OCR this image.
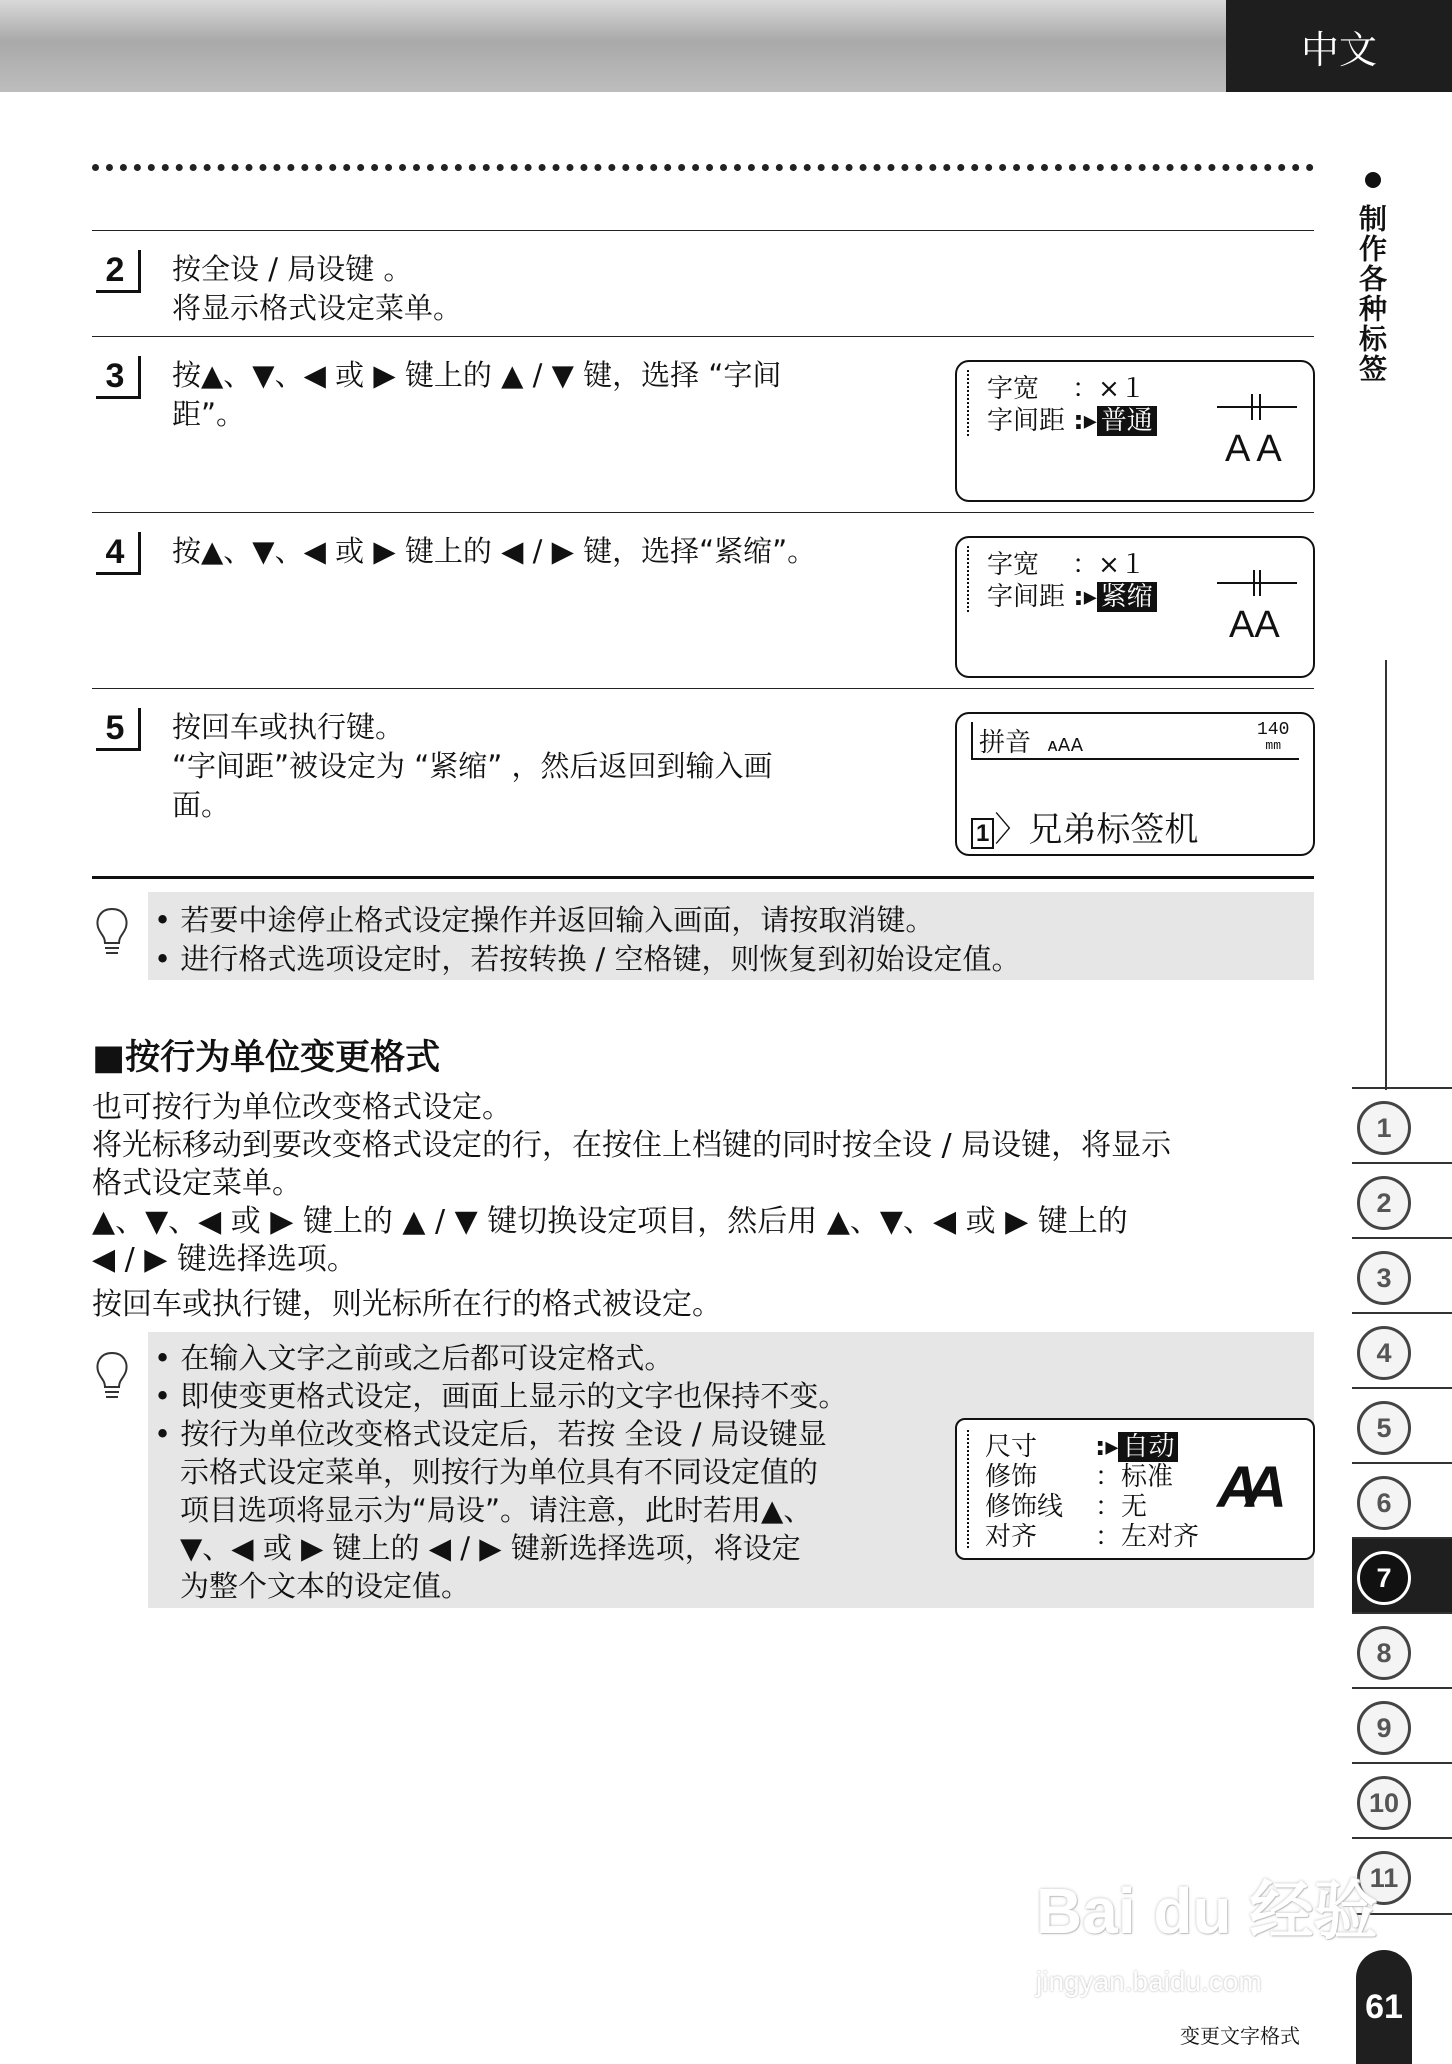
中文
制作各种标签
1
2
3
4
5
6
7
8
9
10
11
2	按全设 / 局设键 。
将显示格式设定菜单。
3	按▲、▼、◀ 或 ▶ 键上的 ▲ / ▼ 键，选择 “字间
距”。
字宽 ：×１
字间距 :▸ 普通
AA
4	按▲、▼、◀ 或 ▶ 键上的 ◀ / ▶ 键，选择“紧缩”。	字宽 ：×１
字间距 :▸ 紧缩
AA
5	按回车或执行键。
“字间距”被设定为 “紧缩” ，然后返回到输入画
面。
拼音 ᴀAA
140
mm
1 〉兄弟标签机
• 若要中途停止格式设定操作并返回输入画面，请按取消键。
• 进行格式选项设定时，若按转换 / 空格键，则恢复到初始设定值。
■按行为单位变更格式
也可按行为单位改变格式设定。
将光标移动到要改变格式设定的行，在按住上档键的同时按全设 / 局设键，将显示
格式设定菜单。
▲、▼、◀ 或 ▶ 键上的 ▲ / ▼ 键切换设定项目，然后用 ▲、▼、◀ 或 ▶ 键上的
◀ / ▶ 键选择选项。
按回车或执行键，则光标所在行的格式被设定。
• 在输入文字之前或之后都可设定格式。
• 即使变更格式设定，画面上显示的文字也保持不变。
• 按行为单位改变格式设定后，若按 全设 / 局设键显
示格式设定菜单，则按行为单位具有不同设定值的
项目选项将显示为“局设”。请注意，此时若用▲、
▼、◀ 或 ▶ 键上的 ◀ / ▶ 键新选择选项，将设定
为整个文本的设定值。
尺寸 :▸ 自动
修饰 ：标准
修饰线 ：无
对齐 ：左对齐
AA
Bai du 经验
jingyan.baidu.com
变更文字格式
61
